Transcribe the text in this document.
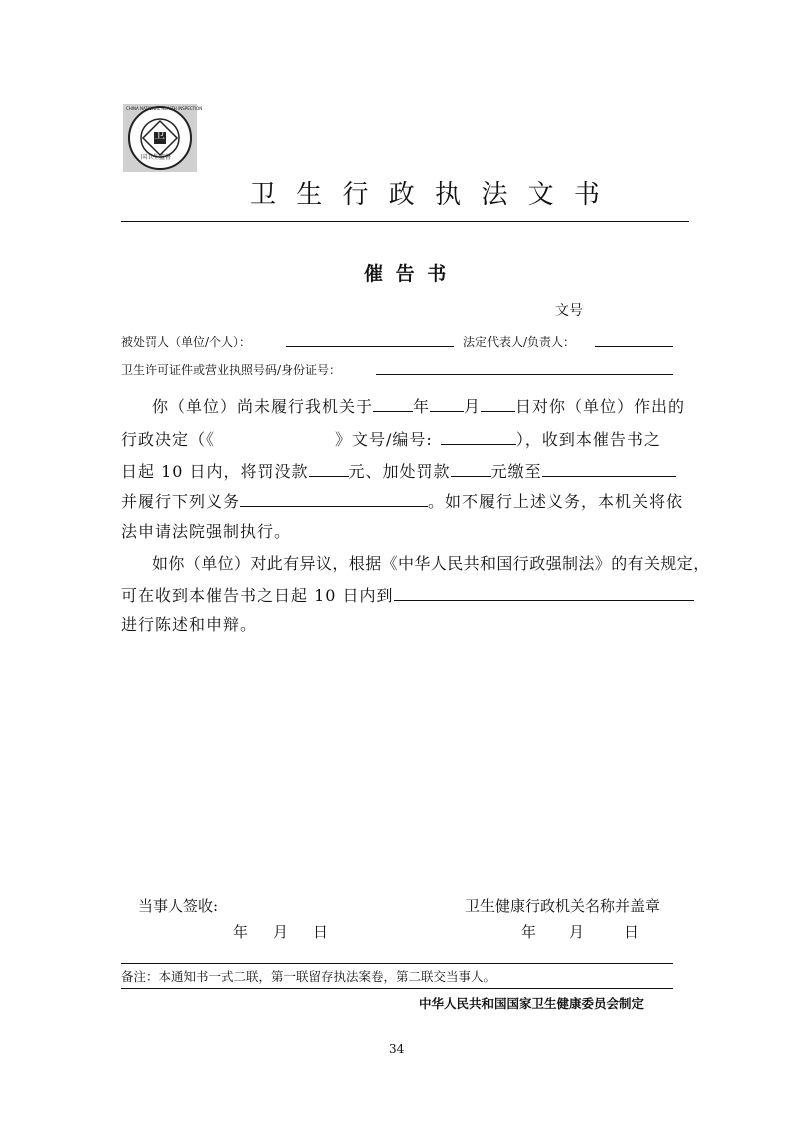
CHINA NATIONAL HEALTH INSPECTION
卫
国卫生监督
卫 生 行 政 执 法 文 书
催 告 书
文号
被处罚人（单位/个人）：	法定代表人/负责人：
卫生许可证件或营业执照号码/身份证号：
你（单位）尚未履行我机关于	年 月 日对你（单位）作出的
行政决定（《	》文号/编号:	），收到本催告书之
日起 10 日内，将罚没款	元、加处罚款	元缴至
并履行下列义务	。如不履行上述义务，本机关将依
法申请法院强制执行。
如你（单位）对此有异议，根据《中华人民共和国行政强制法》的有关规定，
可在收到本催告书之日起 10 日内到
进行陈述和申辩。
当事人签收:	卫生健康行政机关名称并盖章
年 月 日	年 月	日
备注：本通知书一式二联，第一联留存执法案卷，第二联交当事人。
中华人民共和国国家卫生健康委员会制定
34
